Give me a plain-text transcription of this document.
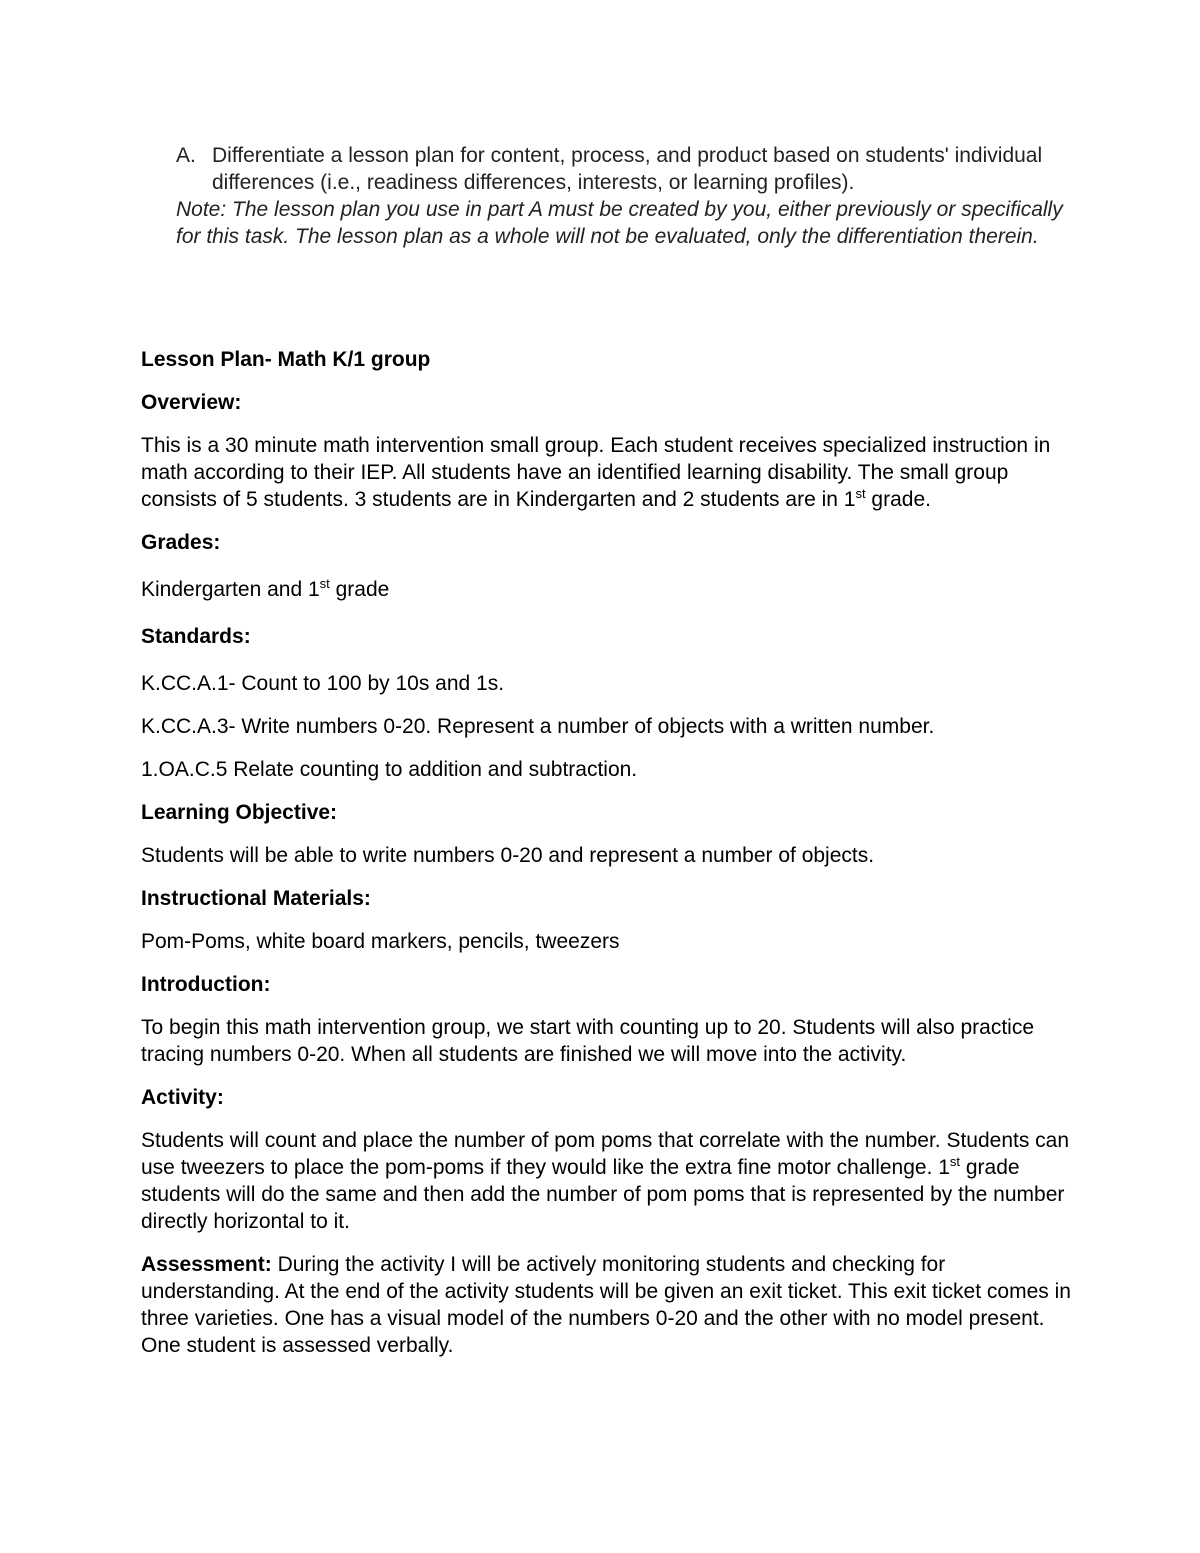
A. Differentiate a lesson plan for content, process, and product based on students' individual differences (i.e., readiness differences, interests, or learning profiles).
Note: The lesson plan you use in part A must be created by you, either previously or specifically for this task. The lesson plan as a whole will not be evaluated, only the differentiation therein.

Lesson Plan- Math K/1 group

Overview:

This is a 30 minute math intervention small group. Each student receives specialized instruction in math according to their IEP. All students have an identified learning disability. The small group consists of 5 students. 3 students are in Kindergarten and 2 students are in 1st grade.

Grades:

Kindergarten and 1st grade

Standards:

K.CC.A.1- Count to 100 by 10s and 1s.

K.CC.A.3- Write numbers 0-20. Represent a number of objects with a written number.

1.OA.C.5 Relate counting to addition and subtraction.

Learning Objective:

Students will be able to write numbers 0-20 and represent a number of objects.

Instructional Materials:

Pom-Poms, white board markers, pencils, tweezers

Introduction:

To begin this math intervention group, we start with counting up to 20. Students will also practice tracing numbers 0-20. When all students are finished we will move into the activity.

Activity:

Students will count and place the number of pom poms that correlate with the number. Students can use tweezers to place the pom-poms if they would like the extra fine motor challenge. 1st grade students will do the same and then add the number of pom poms that is represented by the number directly horizontal to it.

Assessment: During the activity I will be actively monitoring students and checking for understanding. At the end of the activity students will be given an exit ticket. This exit ticket comes in three varieties. One has a visual model of the numbers 0-20 and the other with no model present. One student is assessed verbally.
